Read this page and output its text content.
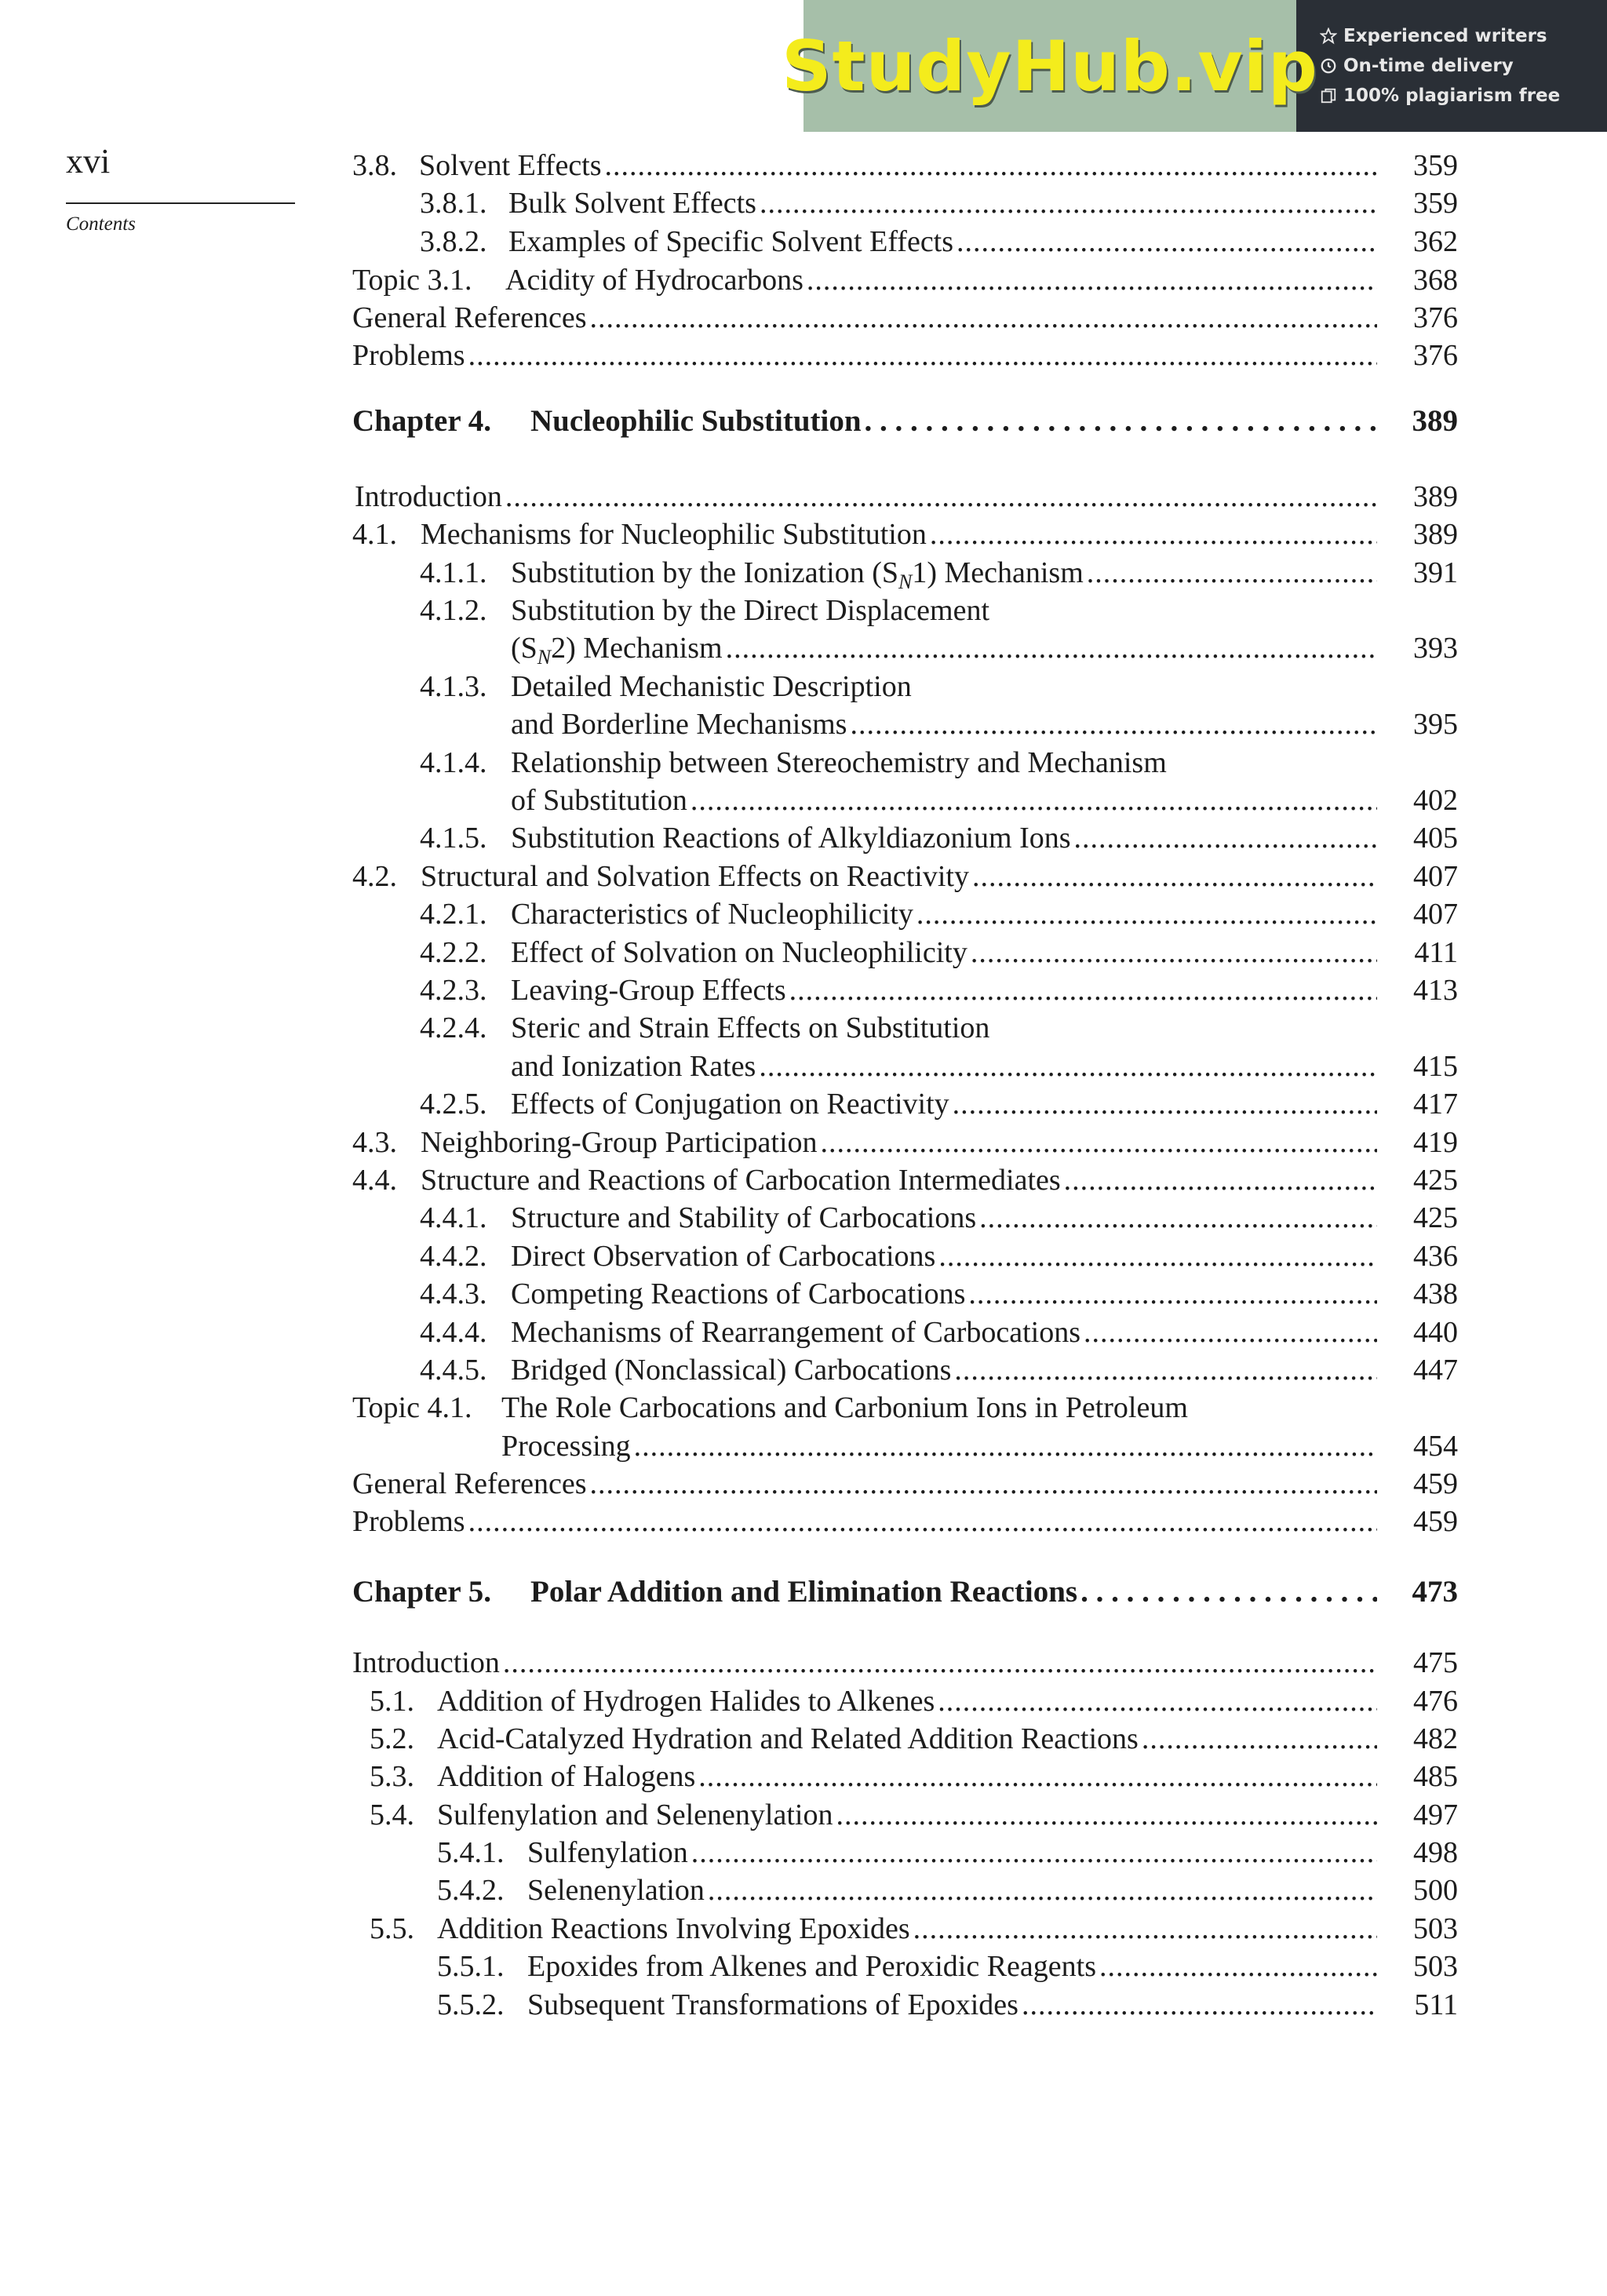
StudyHub.vip Experienced writers
On-time delivery
100% plagiarism free
xvi
Contents
3.8. Solvent Effects .....	359
3.8.1. Bulk Solvent Effects .....	359
3.8.2. Examples of Specific Solvent Effects .....	362
Topic 3.1. Acidity of Hydrocarbons .....	368
General References .....	376
Problems .....	376
Chapter 4. Nucleophilic Substitution . . .	389
Introduction .....	389
4.1. Mechanisms for Nucleophilic Substitution .....	389
4.1.1. Substitution by the Ionization $(S_N1)$ Mechanism .....	391
4.1.2. Substitution by the Direct Displacement
$(S_N2)$ Mechanism .....	393
4.1.3. Detailed Mechanistic Description
and Borderline Mechanisms .....	395
4.1.4. Relationship between Stereochemistry and Mechanism
of Substitution .....	402
4.1.5. Substitution Reactions of Alkyldiazonium Ions .....	405
4.2. Structural and Solvation Effects on Reactivity .....	407
4.2.1. Characteristics of Nucleophilicity .....	407
4.2.2. Effect of Solvation on Nucleophilicity .....	411
4.2.3. Leaving-Group Effects .....	413
4.2.4. Steric and Strain Effects on Substitution
and Ionization Rates .....	415
4.2.5. Effects of Conjugation on Reactivity .....	417
4.3. Neighboring-Group Participation .....	419
4.4. Structure and Reactions of Carbocation Intermediates .....	425
4.4.1. Structure and Stability of Carbocations .....	425
4.4.2. Direct Observation of Carbocations .....	436
4.4.3. Competing Reactions of Carbocations .....	438
4.4.4. Mechanisms of Rearrangement of Carbocations .....	440
4.4.5. Bridged (Nonclassical) Carbocations .....	447
Topic 4.1. The Role Carbocations and Carbonium Ions in Petroleum
Processing .....	454
General References .....	459
Problems .....	459
Chapter 5. Polar Addition and Elimination Reactions . . .	473
Introduction .....	475
5.1. Addition of Hydrogen Halides to Alkenes .....	476
5.2. Acid-Catalyzed Hydration and Related Addition Reactions .....	482
5.3. Addition of Halogens .....	485
5.4. Sulfenylation and Selenenylation .....	497
5.4.1. Sulfenylation .....	498
5.4.2. Selenenylation .....	500
5.5. Addition Reactions Involving Epoxides .....	503
5.5.1. Epoxides from Alkenes and Peroxidic Reagents .....	503
5.5.2. Subsequent Transformations of Epoxides .....	511
